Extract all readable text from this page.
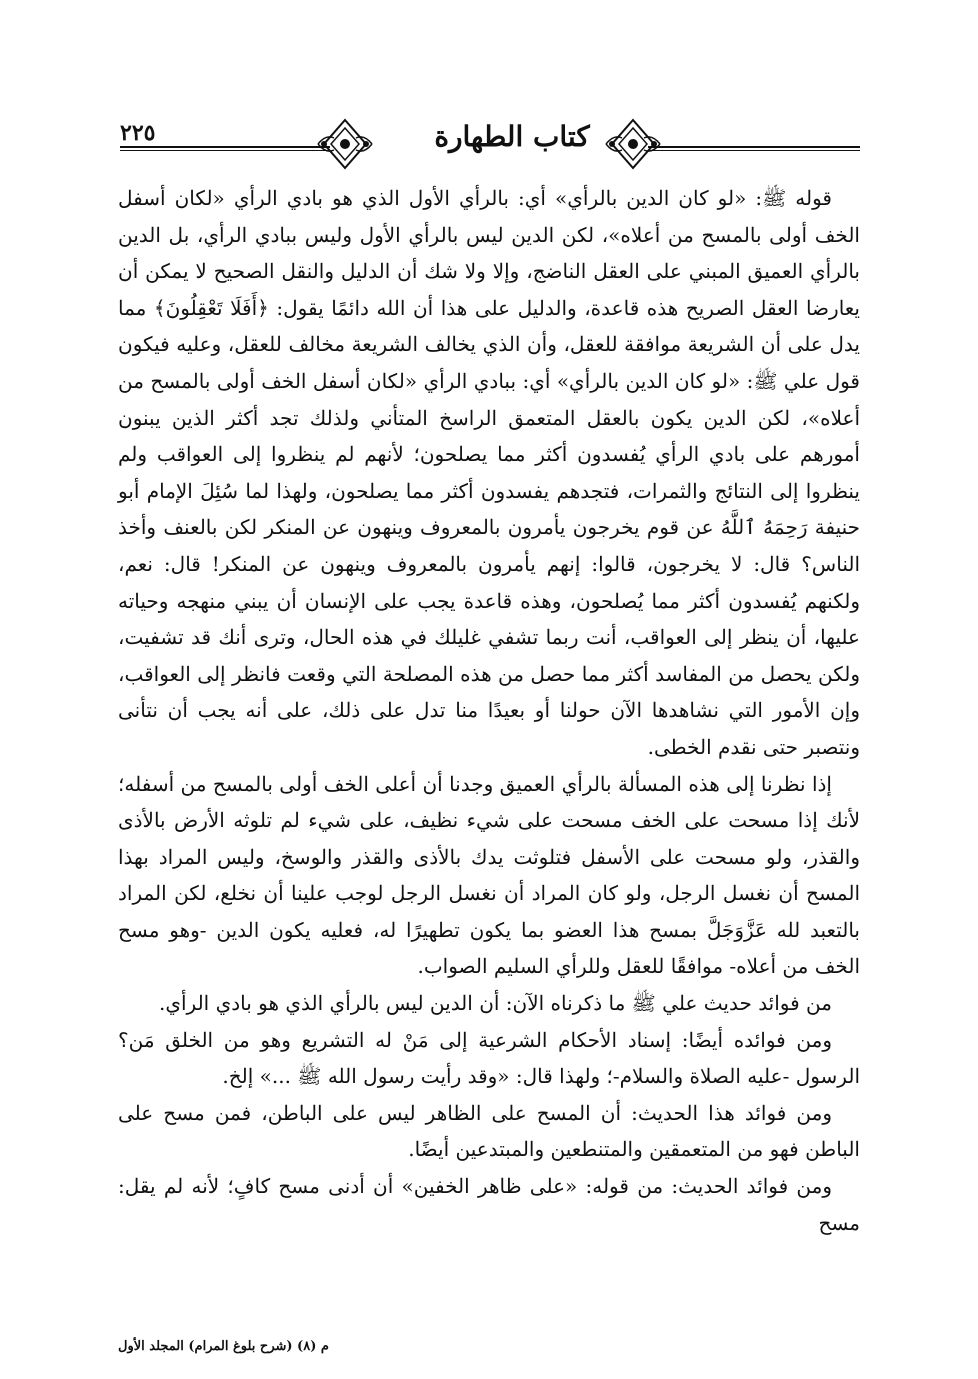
٢٢٥	كتاب الطهارة

قوله ﷺ: «لو كان الدين بالرأي» أي: بالرأي الأول الذي هو بادي الرأي «لكان أسفل الخف أولى بالمسح من أعلاه»، لكن الدين ليس بالرأي الأول وليس ببادي الرأي، بل الدين بالرأي العميق المبني على العقل الناضج، وإلا ولا شك أن الدليل والنقل الصحيح لا يمكن أن يعارضا العقل الصريح هذه قاعدة، والدليل على هذا أن الله دائمًا يقول: ﴿أَفَلَا تَعْقِلُونَ﴾ مما يدل على أن الشريعة موافقة للعقل، وأن الذي يخالف الشريعة مخالف للعقل، وعليه فيكون قول علي ﷺ: «لو كان الدين بالرأي» أي: ببادي الرأي «لكان أسفل الخف أولى بالمسح من أعلاه»، لكن الدين يكون بالعقل المتعمق الراسخ المتأني ولذلك تجد أكثر الذين يبنون أمورهم على بادي الرأي يُفسدون أكثر مما يصلحون؛ لأنهم لم ينظروا إلى العواقب ولم ينظروا إلى النتائج والثمرات، فتجدهم يفسدون أكثر مما يصلحون، ولهذا لما سُئِلَ الإمام أبو حنيفة رَحِمَهُ ٱللَّهُ عن قوم يخرجون يأمرون بالمعروف وينهون عن المنكر لكن بالعنف وأخذ الناس؟ قال: لا يخرجون، قالوا: إنهم يأمرون بالمعروف وينهون عن المنكر! قال: نعم، ولكنهم يُفسدون أكثر مما يُصلحون، وهذه قاعدة يجب على الإنسان أن يبني منهجه وحياته عليها، أن ينظر إلى العواقب، أنت ربما تشفي غليلك في هذه الحال، وترى أنك قد تشفيت، ولكن يحصل من المفاسد أكثر مما حصل من هذه المصلحة التي وقعت فانظر إلى العواقب، وإن الأمور التي نشاهدها الآن حولنا أو بعيدًا منا تدل على ذلك، على أنه يجب أن نتأنى ونتصبر حتى نقدم الخطى.

إذا نظرنا إلى هذه المسألة بالرأي العميق وجدنا أن أعلى الخف أولى بالمسح من أسفله؛ لأنك إذا مسحت على الخف مسحت على شيء نظيف، على شيء لم تلوثه الأرض بالأذى والقذر، ولو مسحت على الأسفل فتلوثت يدك بالأذى والقذر والوسخ، وليس المراد بهذا المسح أن نغسل الرجل، ولو كان المراد أن نغسل الرجل لوجب علينا أن نخلع، لكن المراد بالتعبد لله عَزَّوَجَلَّ بمسح هذا العضو بما يكون تطهيرًا له، فعليه يكون الدين -وهو مسح الخف من أعلاه- موافقًا للعقل وللرأي السليم الصواب.

من فوائد حديث علي ﷺ ما ذكرناه الآن: أن الدين ليس بالرأي الذي هو بادي الرأي.

ومن فوائده أيضًا: إسناد الأحكام الشرعية إلى مَنْ له التشريع وهو من الخلق مَن؟ الرسول -عليه الصلاة والسلام-؛ ولهذا قال: «وقد رأيت رسول الله ﷺ ...» إلخ.

ومن فوائد هذا الحديث: أن المسح على الظاهر ليس على الباطن، فمن مسح على الباطن فهو من المتعمقين والمتنطعين والمبتدعين أيضًا.

ومن فوائد الحديث: من قوله: «على ظاهر الخفين» أن أدنى مسح كافٍ؛ لأنه لم يقل: مسح

م (٨) (شرح بلوغ المرام) المجلد الأول
